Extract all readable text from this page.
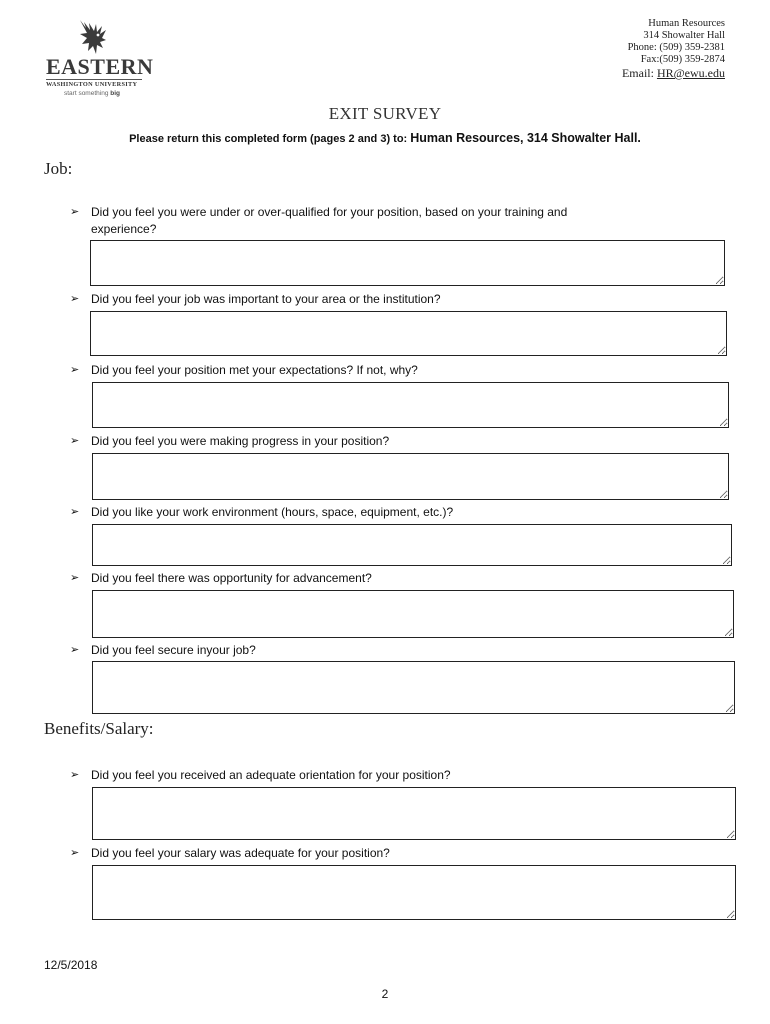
EASTERN
WASHINGTON UNIVERSITY
start something big
Human Resources
314 Showalter Hall
Phone: (509) 359-2381
Fax:(509) 359-2874
Email: HR@ewu.edu
EXIT SURVEY
Please return this completed form (pages 2 and 3) to: Human Resources, 314 Showalter Hall.
Job:
➢ Did you feel you were under or over-qualified for your position, based on your training and
experience?
➢ Did you feel your job was important to your area or the institution?
➢ Did you feel your position met your expectations? If not, why?
➢ Did you feel you were making progress in your position?
➢ Did you like your work environment (hours, space, equipment, etc.)?
➢ Did you feel there was opportunity for advancement?
➢ Did you feel secure inyour job?
Benefits/Salary:
➢ Did you feel you received an adequate orientation for your position?
➢ Did you feel your salary was adequate for your position?
12/5/2018
2
